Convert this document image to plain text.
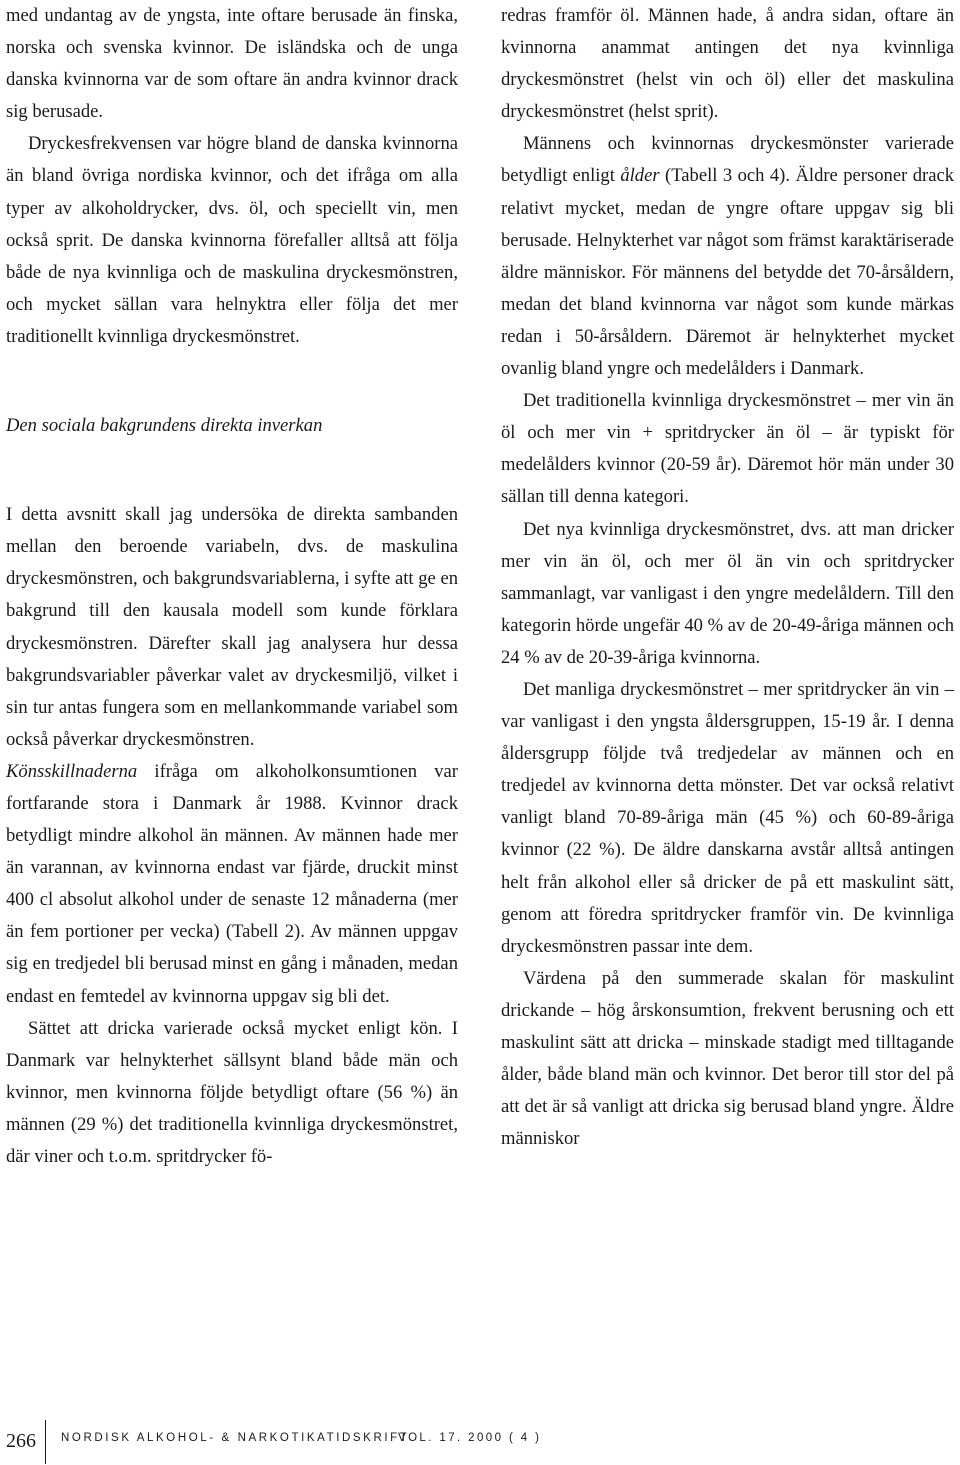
med undantag av de yngsta, inte oftare berusade än finska, norska och svenska kvinnor. De isländska och de unga danska kvinnorna var de som oftare än andra kvinnor drack sig berusade.

Dryckesfrekvensen var högre bland de danska kvinnorna än bland övriga nordiska kvinnor, och det ifråga om alla typer av alkoholdrycker, dvs. öl, och speciellt vin, men också sprit. De danska kvinnorna förefaller alltså att följa både de nya kvinnliga och de maskulina dryckesmönstren, och mycket sällan vara helnyktra eller följa det mer traditionellt kvinnliga dryckesmönstret.

Den sociala bakgrundens direkta inverkan

I detta avsnitt skall jag undersöka de direkta sambanden mellan den beroende variabeln, dvs. de maskulina dryckesmönstren, och bakgrundsvariablerna, i syfte att ge en bakgrund till den kausala modell som kunde förklara dryckesmönstren. Därefter skall jag analysera hur dessa bakgrundsvariabler påverkar valet av dryckesmiljö, vilket i sin tur antas fungera som en mellankommande variabel som också påverkar dryckesmönstren.

Könsskillnaderna ifråga om alkoholkonsumtionen var fortfarande stora i Danmark år 1988. Kvinnor drack betydligt mindre alkohol än männen. Av männen hade mer än varannan, av kvinnorna endast var fjärde, druckit minst 400 cl absolut alkohol under de senaste 12 månaderna (mer än fem portioner per vecka) (Tabell 2). Av männen uppgav sig en tredjedel bli berusad minst en gång i månaden, medan endast en femtedel av kvinnorna uppgav sig bli det.

Sättet att dricka varierade också mycket enligt kön. I Danmark var helnykterhet sällsynt bland både män och kvinnor, men kvinnorna följde betydligt oftare (56 %) än männen (29 %) det traditionella kvinnliga dryckesmönstret, där viner och t.o.m. spritdrycker fö-

redras framför öl. Männen hade, å andra sidan, oftare än kvinnorna anammat antingen det nya kvinnliga dryckesmönstret (helst vin och öl) eller det maskulina dryckesmönstret (helst sprit).

Männens och kvinnornas dryckesmönster varierade betydligt enligt ålder (Tabell 3 och 4). Äldre personer drack relativt mycket, medan de yngre oftare uppgav sig bli berusade. Helnykterhet var något som främst karaktäriserade äldre människor. För männens del betydde det 70-årsåldern, medan det bland kvinnorna var något som kunde märkas redan i 50-årsåldern. Däremot är helnykterhet mycket ovanlig bland yngre och medelålders i Danmark.

Det traditionella kvinnliga dryckesmönstret – mer vin än öl och mer vin + spritdrycker än öl – är typiskt för medelålders kvinnor (20-59 år). Däremot hör män under 30 sällan till denna kategori.

Det nya kvinnliga dryckesmönstret, dvs. att man dricker mer vin än öl, och mer öl än vin och spritdrycker sammanlagt, var vanligast i den yngre medelåldern. Till den kategorin hörde ungefär 40 % av de 20-49-åriga männen och 24 % av de 20-39-åriga kvinnorna.

Det manliga dryckesmönstret – mer spritdrycker än vin – var vanligast i den yngsta åldersgruppen, 15-19 år. I denna åldersgrupp följde två tredjedelar av männen och en tredjedel av kvinnorna detta mönster. Det var också relativt vanligt bland 70-89-åriga män (45 %) och 60-89-åriga kvinnor (22 %). De äldre danskarna avstår alltså antingen helt från alkohol eller så dricker de på ett maskulint sätt, genom att föredra spritdrycker framför vin. De kvinnliga dryckesmönstren passar inte dem.

Värdena på den summerade skalan för maskulint drickande – hög årskonsumtion, frekvent berusning och ett maskulint sätt att dricka – minskade stadigt med tilltagande ålder, både bland män och kvinnor. Det beror till stor del på att det är så vanligt att dricka sig berusad bland yngre. Äldre människor

266 NORDISK ALKOHOL- & NARKOTIKATIDSKRIFT
VOL. 17. 2000 ( 4 )
